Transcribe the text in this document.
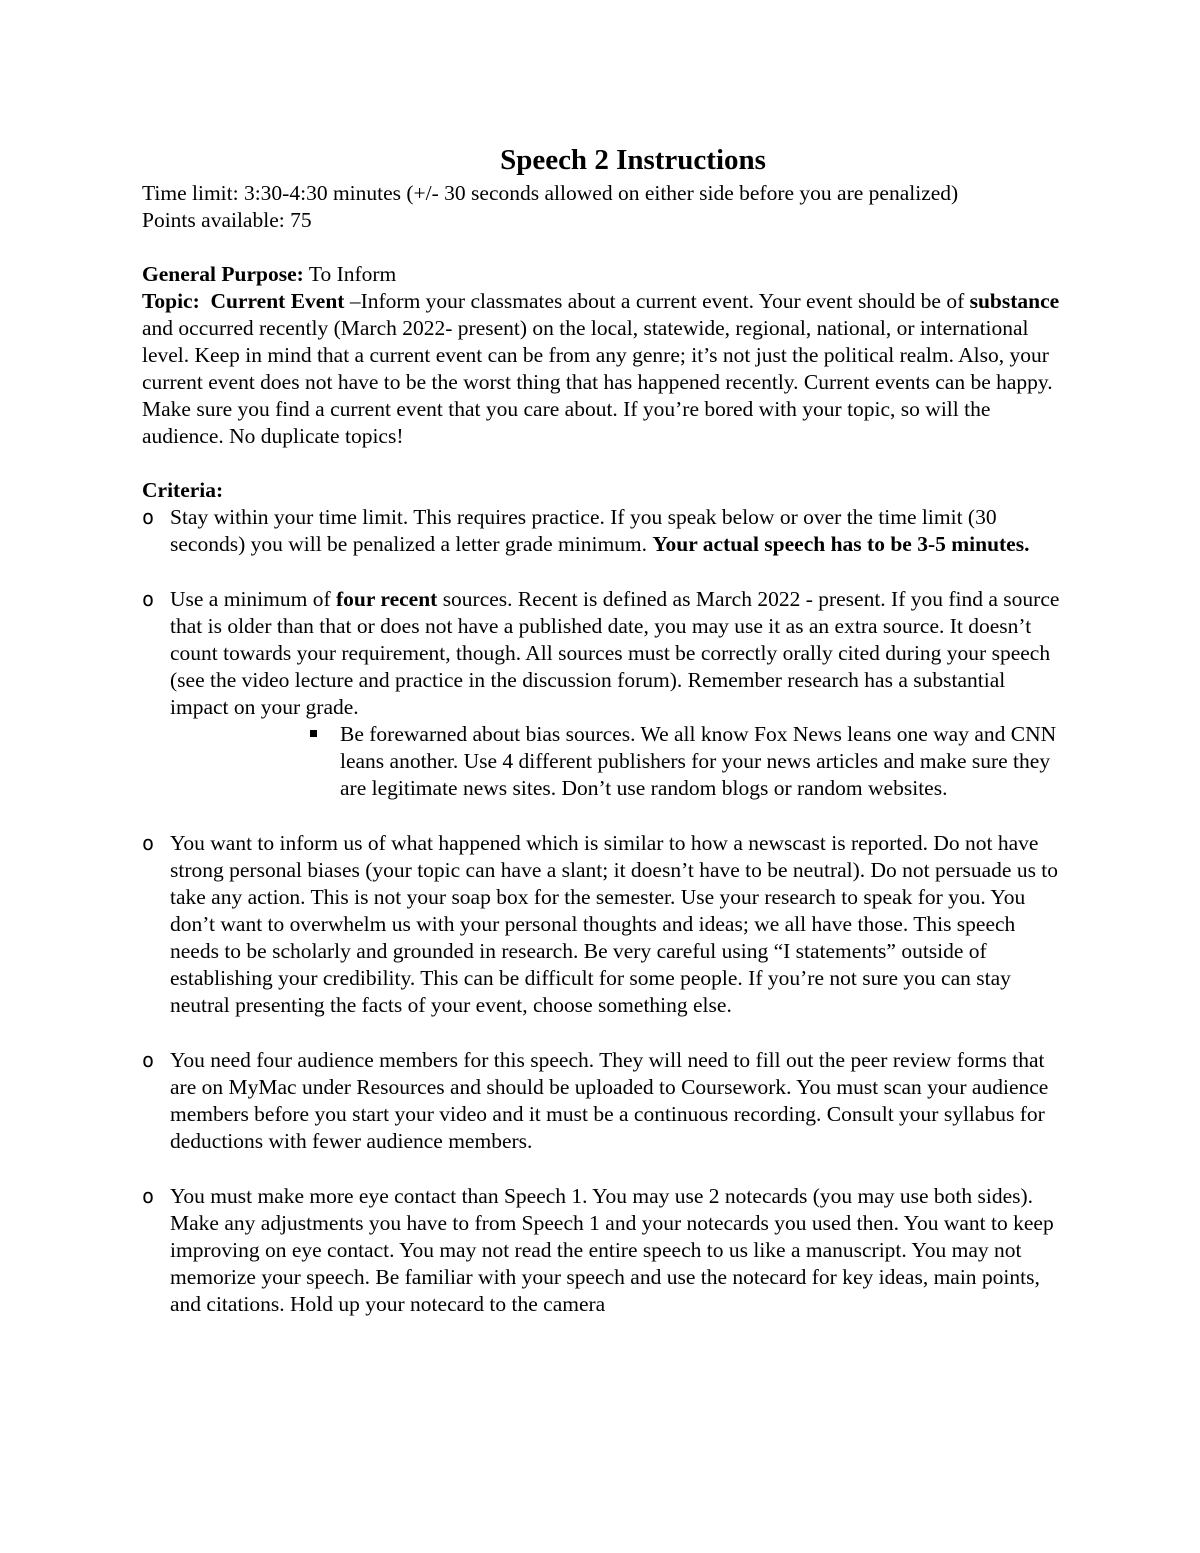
Speech 2 Instructions

Time limit: 3:30-4:30 minutes (+/- 30 seconds allowed on either side before you are penalized)

Points available: 75

General Purpose: To Inform

Topic: Current Event –Inform your classmates about a current event. Your event should be of substance and occurred recently (March 2022- present) on the local, statewide, regional, national, or international level. Keep in mind that a current event can be from any genre; it’s not just the political realm. Also, your current event does not have to be the worst thing that has happened recently. Current events can be happy. Make sure you find a current event that you care about. If you’re bored with your topic, so will the audience. No duplicate topics!

Criteria:

o Stay within your time limit. This requires practice. If you speak below or over the time limit (30 seconds) you will be penalized a letter grade minimum. Your actual speech has to be 3-5 minutes.
o Use a minimum of four recent sources. Recent is defined as March 2022 - present. If you find a source that is older than that or does not have a published date, you may use it as an extra source. It doesn’t count towards your requirement, though. All sources must be correctly orally cited during your speech (see the video lecture and practice in the discussion forum). Remember research has a substantial impact on your grade.
Be forewarned about bias sources. We all know Fox News leans one way and CNN leans another. Use 4 different publishers for your news articles and make sure they are legitimate news sites. Don’t use random blogs or random websites.
o You want to inform us of what happened which is similar to how a newscast is reported. Do not have strong personal biases (your topic can have a slant; it doesn’t have to be neutral). Do not persuade us to take any action. This is not your soap box for the semester. Use your research to speak for you. You don’t want to overwhelm us with your personal thoughts and ideas; we all have those. This speech needs to be scholarly and grounded in research. Be very careful using “I statements” outside of establishing your credibility. This can be difficult for some people. If you’re not sure you can stay neutral presenting the facts of your event, choose something else.
o You need four audience members for this speech. They will need to fill out the peer review forms that are on MyMac under Resources and should be uploaded to Coursework. You must scan your audience members before you start your video and it must be a continuous recording. Consult your syllabus for deductions with fewer audience members.
o You must make more eye contact than Speech 1. You may use 2 notecards (you may use both sides). Make any adjustments you have to from Speech 1 and your notecards you used then. You want to keep improving on eye contact. You may not read the entire speech to us like a manuscript. You may not memorize your speech. Be familiar with your speech and use the notecard for key ideas, main points, and citations. Hold up your notecard to the camera
